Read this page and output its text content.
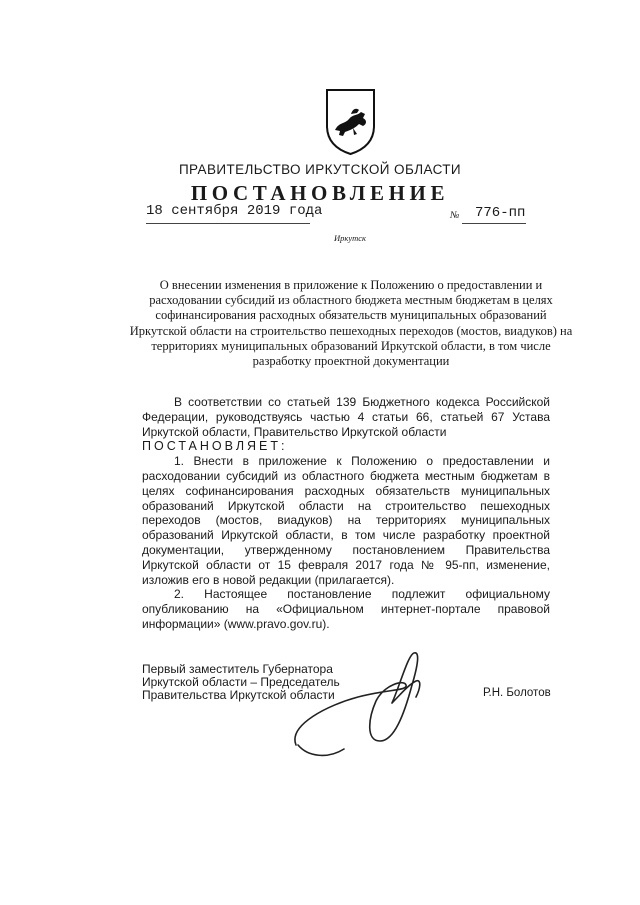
ПРАВИТЕЛЬСТВО ИРКУТСКОЙ ОБЛАСТИ
ПОСТАНОВЛЕНИЕ
18 сентября 2019 года	№ 776-пп
Иркутск
О внесении изменения в приложение к Положению о предоставлении и расходовании субсидий из областного бюджета местным бюджетам в целях софинансирования расходных обязательств муниципальных образований Иркутской области на строительство пешеходных переходов (мостов, виадуков) на территориях муниципальных образований Иркутской области, в том числе разработку проектной документации

В соответствии со статьей 139 Бюджетного кодекса Российской Федерации, руководствуясь частью 4 статьи 66, статьей 67 Устава Иркутской области, Правительство Иркутской области

ПОСТАНОВЛЯЕТ:

1. Внести в приложение к Положению о предоставлении и расходовании субсидий из областного бюджета местным бюджетам в целях софинансирования расходных обязательств муниципальных образований Иркутской области на строительство пешеходных переходов (мостов, виадуков) на территориях муниципальных образований Иркутской области, в том числе разработку проектной документации, утвержденному постановлением Правительства Иркутской области от 15 февраля 2017 года № 95-пп, изменение, изложив его в новой редакции (прилагается).

2. Настоящее постановление подлежит официальному опубликованию на «Официальном интернет-портале правовой информации» (www.pravo.gov.ru).

Первый заместитель Губернатора
Иркутской области – Председатель
Правительства Иркутской области	Р.Н. Болотов
